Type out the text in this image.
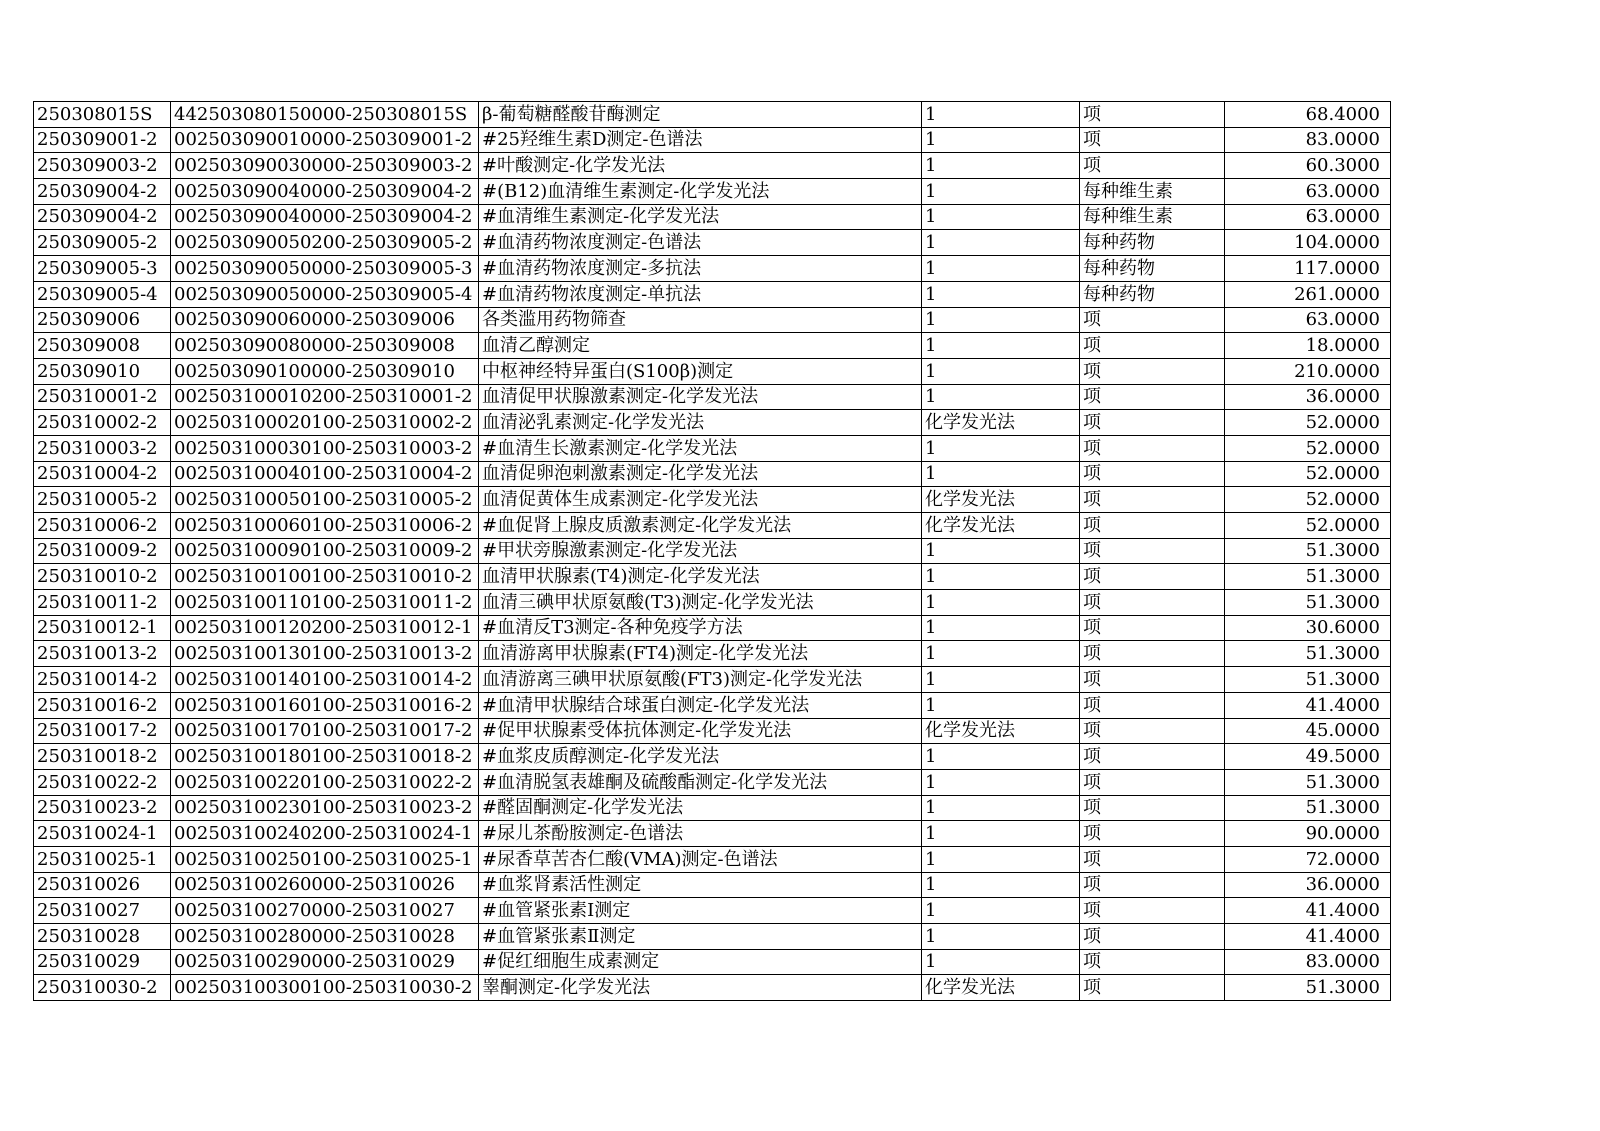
250308015S	442503080150000-250308015S	β-葡萄糖醛酸苷酶测定	1	项	68.4000
250309001-2	002503090010000-250309001-2	#25羟维生素D测定-色谱法	1	项	83.0000
250309003-2	002503090030000-250309003-2	#叶酸测定-化学发光法	1	项	60.3000
250309004-2	002503090040000-250309004-2	#(B12)血清维生素测定-化学发光法	1	每种维生素	63.0000
250309004-2	002503090040000-250309004-2	#血清维生素测定-化学发光法	1	每种维生素	63.0000
250309005-2	002503090050200-250309005-2	#血清药物浓度测定-色谱法	1	每种药物	104.0000
250309005-3	002503090050000-250309005-3	#血清药物浓度测定-多抗法	1	每种药物	117.0000
250309005-4	002503090050000-250309005-4	#血清药物浓度测定-单抗法	1	每种药物	261.0000
250309006	002503090060000-250309006	各类滥用药物筛查	1	项	63.0000
250309008	002503090080000-250309008	血清乙醇测定	1	项	18.0000
250309010	002503090100000-250309010	中枢神经特异蛋白(S100β)测定	1	项	210.0000
250310001-2	002503100010200-250310001-2	血清促甲状腺激素测定-化学发光法	1	项	36.0000
250310002-2	002503100020100-250310002-2	血清泌乳素测定-化学发光法	化学发光法	项	52.0000
250310003-2	002503100030100-250310003-2	#血清生长激素测定-化学发光法	1	项	52.0000
250310004-2	002503100040100-250310004-2	血清促卵泡刺激素测定-化学发光法	1	项	52.0000
250310005-2	002503100050100-250310005-2	血清促黄体生成素测定-化学发光法	化学发光法	项	52.0000
250310006-2	002503100060100-250310006-2	#血促肾上腺皮质激素测定-化学发光法	化学发光法	项	52.0000
250310009-2	002503100090100-250310009-2	#甲状旁腺激素测定-化学发光法	1	项	51.3000
250310010-2	002503100100100-250310010-2	血清甲状腺素(T4)测定-化学发光法	1	项	51.3000
250310011-2	002503100110100-250310011-2	血清三碘甲状原氨酸(T3)测定-化学发光法	1	项	51.3000
250310012-1	002503100120200-250310012-1	#血清反T3测定-各种免疫学方法	1	项	30.6000
250310013-2	002503100130100-250310013-2	血清游离甲状腺素(FT4)测定-化学发光法	1	项	51.3000
250310014-2	002503100140100-250310014-2	血清游离三碘甲状原氨酸(FT3)测定-化学发光法	1	项	51.3000
250310016-2	002503100160100-250310016-2	#血清甲状腺结合球蛋白测定-化学发光法	1	项	41.4000
250310017-2	002503100170100-250310017-2	#促甲状腺素受体抗体测定-化学发光法	化学发光法	项	45.0000
250310018-2	002503100180100-250310018-2	#血浆皮质醇测定-化学发光法	1	项	49.5000
250310022-2	002503100220100-250310022-2	#血清脱氢表雄酮及硫酸酯测定-化学发光法	1	项	51.3000
250310023-2	002503100230100-250310023-2	#醛固酮测定-化学发光法	1	项	51.3000
250310024-1	002503100240200-250310024-1	#尿儿茶酚胺测定-色谱法	1	项	90.0000
250310025-1	002503100250100-250310025-1	#尿香草苦杏仁酸(VMA)测定-色谱法	1	项	72.0000
250310026	002503100260000-250310026	#血浆肾素活性测定	1	项	36.0000
250310027	002503100270000-250310027	#血管紧张素Ⅰ测定	1	项	41.4000
250310028	002503100280000-250310028	#血管紧张素Ⅱ测定	1	项	41.4000
250310029	002503100290000-250310029	#促红细胞生成素测定	1	项	83.0000
250310030-2	002503100300100-250310030-2	睾酮测定-化学发光法	化学发光法	项	51.3000
